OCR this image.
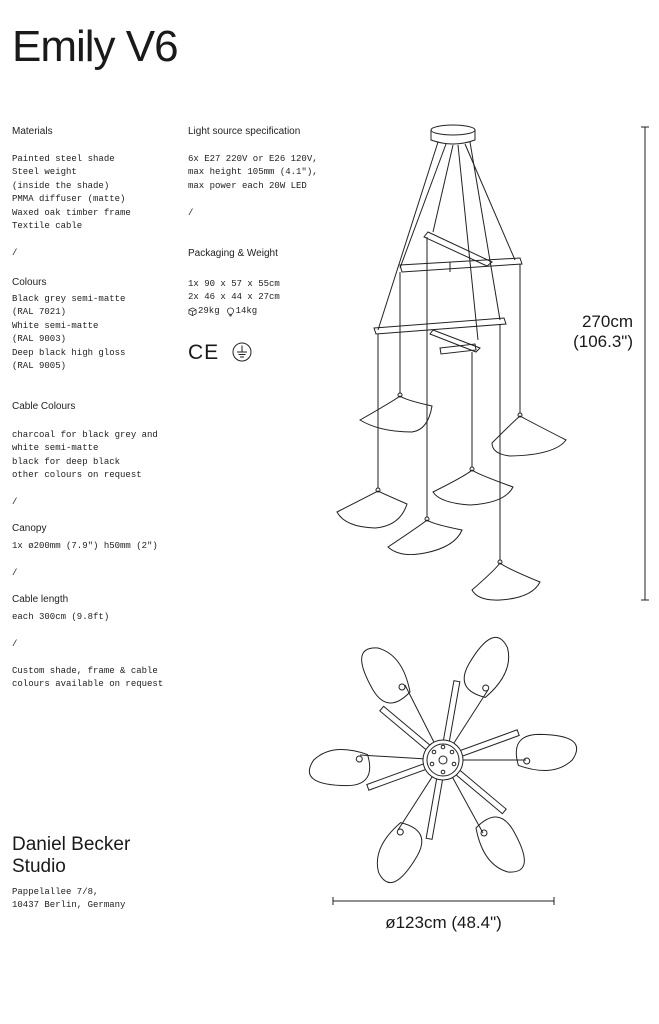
Emily V6
Materials
Painted steel shade
Steel weight
(inside the shade)
PMMA diffuser (matte)
Waxed oak timber frame
Textile cable
/
Colours
Black grey semi-matte
(RAL 7021)
White semi-matte
(RAL 9003)
Deep black high gloss
(RAL 9005)
Cable Colours
charcoal for black grey and
white semi-matte
black for deep black
other colours on request
/
Canopy
1x ø200mm (7.9") h50mm (2")
/
Cable length
each 300cm (9.8ft)
/
Custom shade, frame & cable
colours available on request
Light source specification
6x E27 220V or E26 120V,
max height 105mm (4.1"),
max power each 20W LED
/
Packaging & Weight
1x 90 x 57 x 55cm
2x 46 x 44 x 27cm
29kg 14kg
CE
Daniel Becker
Studio
Pappelallee 7/8,
10437 Berlin, Germany
270cm
(106.3")
ø123cm (48.4")
